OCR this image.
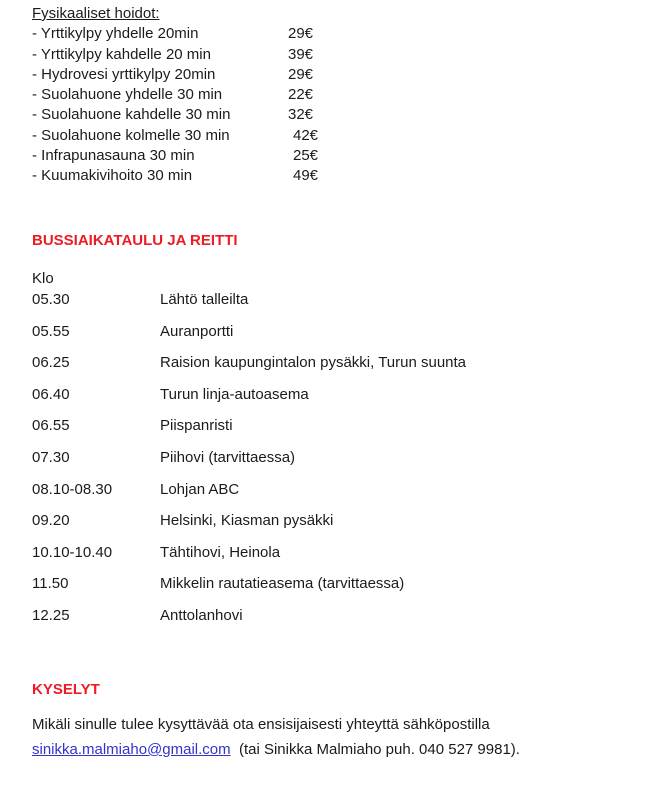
Fysikaaliset hoidot:
- Yrttikylpy yhdelle 20min	29€
- Yrttikylpy kahdelle 20 min	39€
- Hydrovesi yrttikylpy 20min	29€
- Suolahuone yhdelle 30 min	22€
- Suolahuone kahdelle 30 min	32€
- Suolahuone kolmelle 30 min	42€
- Infrapunasauna 30 min	25€
- Kuumakivihoito 30 min	49€
BUSSIAIKATAULU JA REITTI
Klo
05.30	Lähtö talleilta
05.55	Auranportti
06.25	Raision kaupungintalon pysäkki, Turun suunta
06.40	Turun linja-autoasema
06.55	Piispanristi
07.30	Piihovi (tarvittaessa)
08.10-08.30	Lohjan ABC
09.20	Helsinki, Kiasman pysäkki
10.10-10.40	Tähtihovi, Heinola
11.50	Mikkelin rautatieasema (tarvittaessa)
12.25	Anttolanhovi
KYSELYT

Mikäli sinulle tulee kysyttävää ota ensisijaisesti yhteyttä sähköpostilla
sinikka.malmiaho@gmail.com  (tai Sinikka Malmiaho puh. 040 527 9981).
